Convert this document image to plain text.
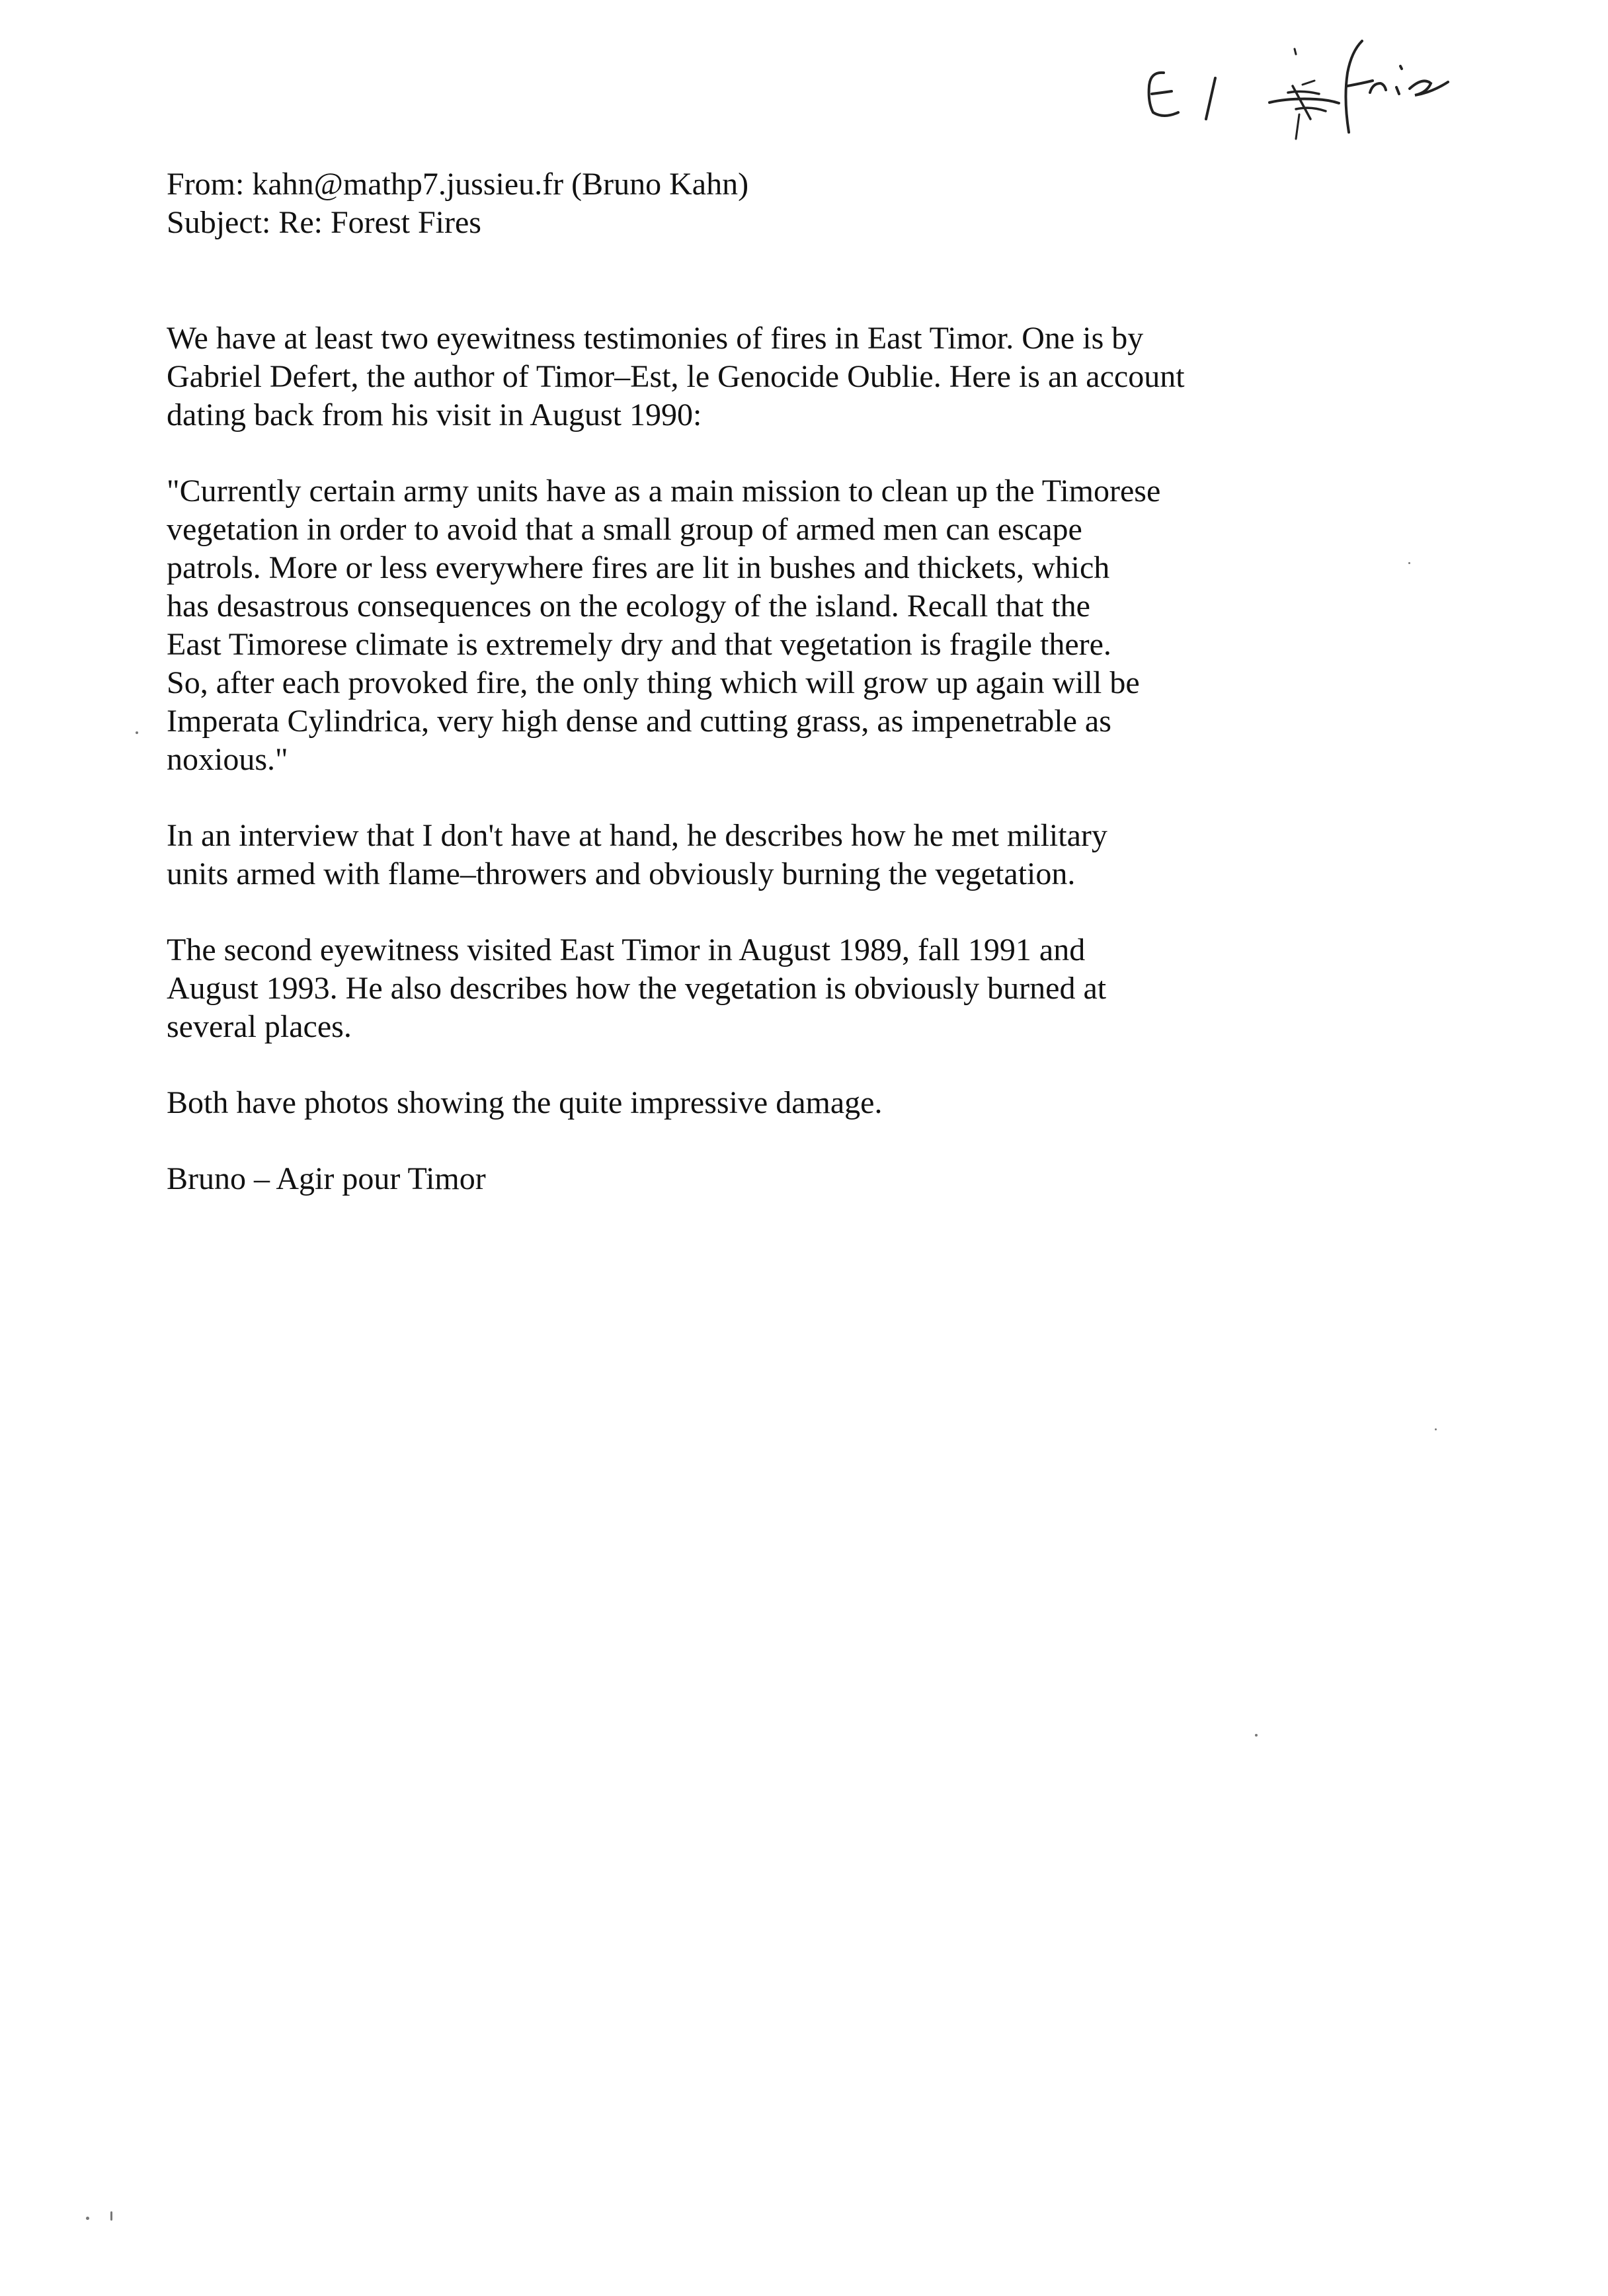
From: kahn@mathp7.jussieu.fr (Bruno Kahn)
Subject: Re: Forest Fires

We have at least two eyewitness testimonies of fires in East Timor. One is by
Gabriel Defert, the author of Timor–Est, le Genocide Oublie. Here is an account
dating back from his visit in August 1990:

"Currently certain army units have as a main mission to clean up the Timorese
vegetation in order to avoid that a small group of armed men can escape
patrols. More or less everywhere fires are lit in bushes and thickets, which
has desastrous consequences on the ecology of the island. Recall that the
East Timorese climate is extremely dry and that vegetation is fragile there.
So, after each provoked fire, the only thing which will grow up again will be
Imperata Cylindrica, very high dense and cutting grass, as impenetrable as
noxious."

In an interview that I don't have at hand, he describes how he met military
units armed with flame–throwers and obviously burning the vegetation.

The second eyewitness visited East Timor in August 1989, fall 1991 and
August 1993. He also describes how the vegetation is obviously burned at
several places.

Both have photos showing the quite impressive damage.

Bruno – Agir pour Timor
